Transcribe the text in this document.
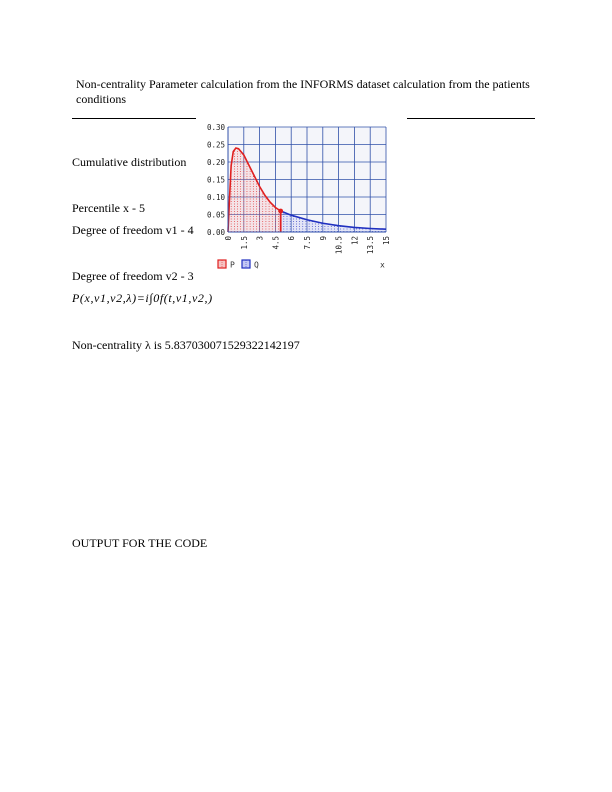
Non-centrality Parameter calculation from the INFORMS dataset calculation from the patients conditions
Cumulative distribution
Percentile x - 5
Degree of freedom v1 - 4
Degree of freedom v2 - 3
P(x,v1,v2,λ)=i∫0f(t,v1,v2,)
Non-centrality λ is 5.837030071529322142197
OUTPUT FOR THE CODE
0.00
0.05
0.10
0.15
0.20
0.25
0.30
0 1.5 3 4.5 6 7.5 9 10.5 12 13.5 15
P Q	x
